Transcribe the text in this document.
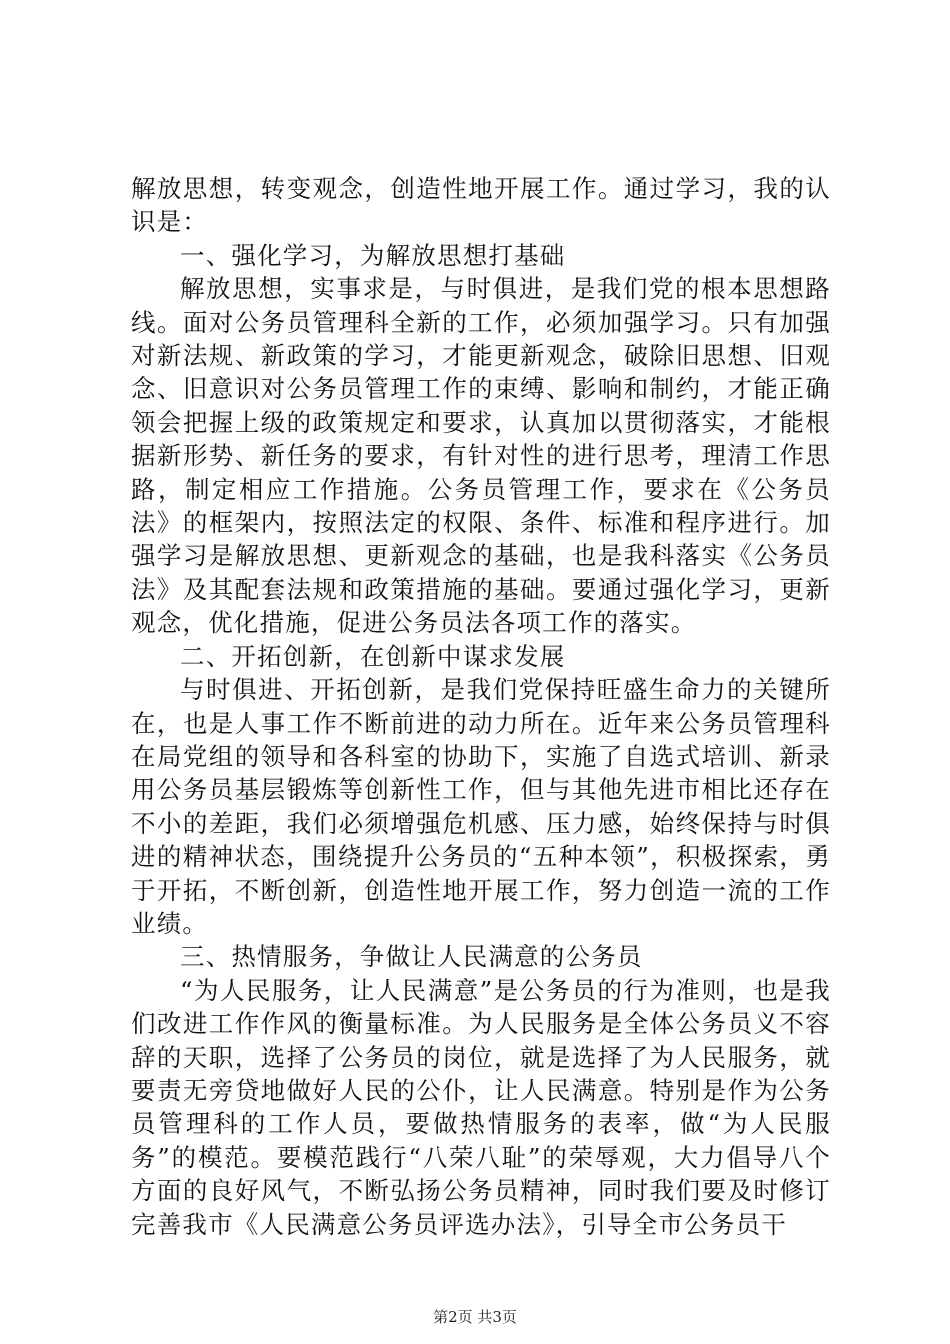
解放思想，转变观念，创造性地开展工作。通过学习，我的认识是：

一、强化学习，为解放思想打基础

解放思想，实事求是，与时俱进，是我们党的根本思想路线。面对公务员管理科全新的工作，必须加强学习。只有加强对新法规、新政策的学习，才能更新观念，破除旧思想、旧观念、旧意识对公务员管理工作的束缚、影响和制约，才能正确领会把握上级的政策规定和要求，认真加以贯彻落实，才能根据新形势、新任务的要求，有针对性的进行思考，理清工作思路，制定相应工作措施。公务员管理工作，要求在《公务员法》的框架内，按照法定的权限、条件、标准和程序进行。加强学习是解放思想、更新观念的基础，也是我科落实《公务员法》及其配套法规和政策措施的基础。要通过强化学习，更新观念，优化措施，促进公务员法各项工作的落实。

二、开拓创新，在创新中谋求发展

与时俱进、开拓创新，是我们党保持旺盛生命力的关键所在，也是人事工作不断前进的动力所在。近年来公务员管理科在局党组的领导和各科室的协助下，实施了自选式培训、新录用公务员基层锻炼等创新性工作，但与其他先进市相比还存在不小的差距，我们必须增强危机感、压力感，始终保持与时俱进的精神状态，围绕提升公务员的“五种本领”，积极探索，勇于开拓，不断创新，创造性地开展工作，努力创造一流的工作业绩。

三、热情服务，争做让人民满意的公务员

“为人民服务，让人民满意”是公务员的行为准则，也是我们改进工作作风的衡量标准。为人民服务是全体公务员义不容辞的天职，选择了公务员的岗位，就是选择了为人民服务，就要责无旁贷地做好人民的公仆，让人民满意。特别是作为公务员管理科的工作人员，要做热情服务的表率，做“为人民服务”的模范。要模范践行“八荣八耻”的荣辱观，大力倡导八个方面的良好风气，不断弘扬公务员精神，同时我们要及时修订完善我市《人民满意公务员评选办法》，引导全市公务员干

第2页 共3页
